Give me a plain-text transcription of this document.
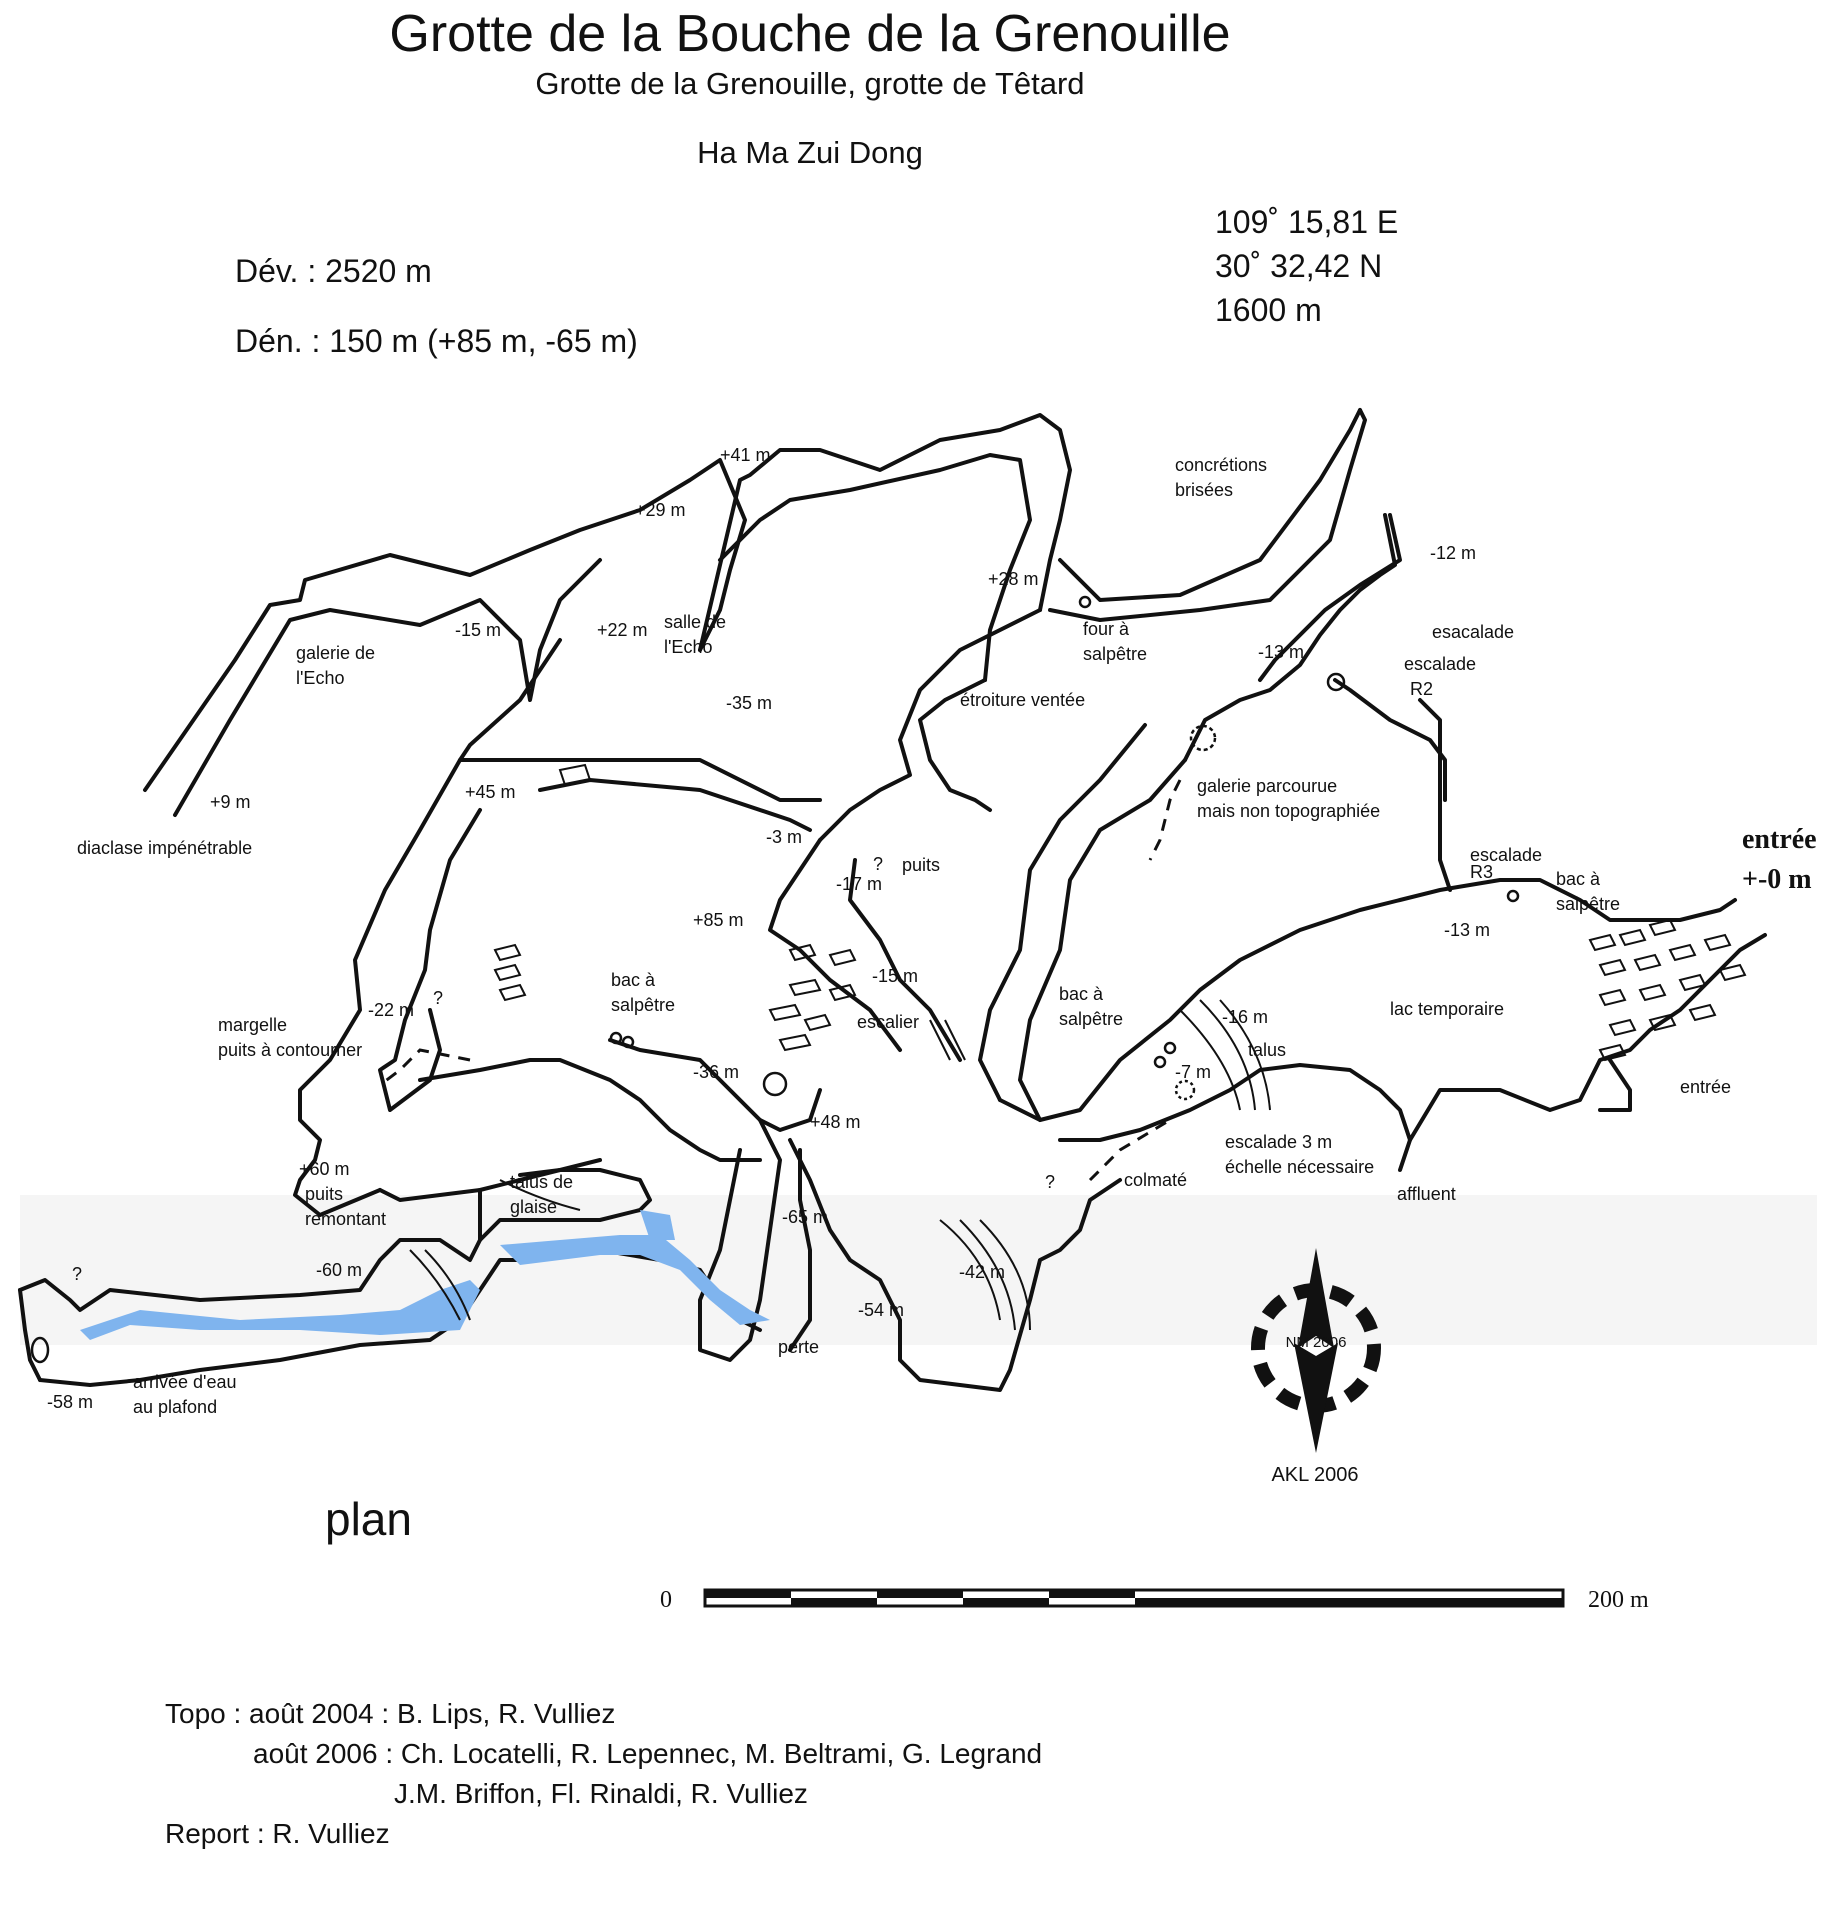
Grotte de la Bouche de la Grenouille
Grotte de la Grenouille, grotte de Têtard
Ha Ma Zui Dong
Dév. : 2520 m
Dén. : 150 m (+85 m, -65 m)
109˚ 15,81 E
30˚ 32,42 N
1600 m
galerie de
l'Echo
+9 m
diaclase impénétrable
-15 m
+29 m
+41 m
+22 m salle de
l'Echo
-35 m
+45 m
+28 m
concrétions
brisées
four à
salpêtre
étroiture ventée
-12 m
esacalade
-13 m
escalade
R2
galerie parcourue
mais non topographiée
-3 m
?
-17 m
puits
+85 m
escalade
R3	bac à
salpêtre
-13 m
entrée
+-0 m
margelle
puits à contourner
-22 m
?
bac à
salpêtre
-15 m
escalier
bac à
salpêtre	-16 m
talus
-7 m
lac temporaire
entrée
-36 m
+48 m
escalade 3 m
échelle nécessaire
+60 m
puits
remontant
talus de
glaise	-65 m
?	colmaté
affluent
-60 m
?	-42 m
-54 m
perte
-58 m
arrivée d'eau
au plafond
NM 2006
AKL 2006
plan
0	200 m
Topo : août 2004 : B. Lips, R. Vulliez
août 2006 : Ch. Locatelli, R. Lepennec, M. Beltrami, G. Legrand
J.M. Briffon, Fl. Rinaldi, R. Vulliez
Report : R. Vulliez
